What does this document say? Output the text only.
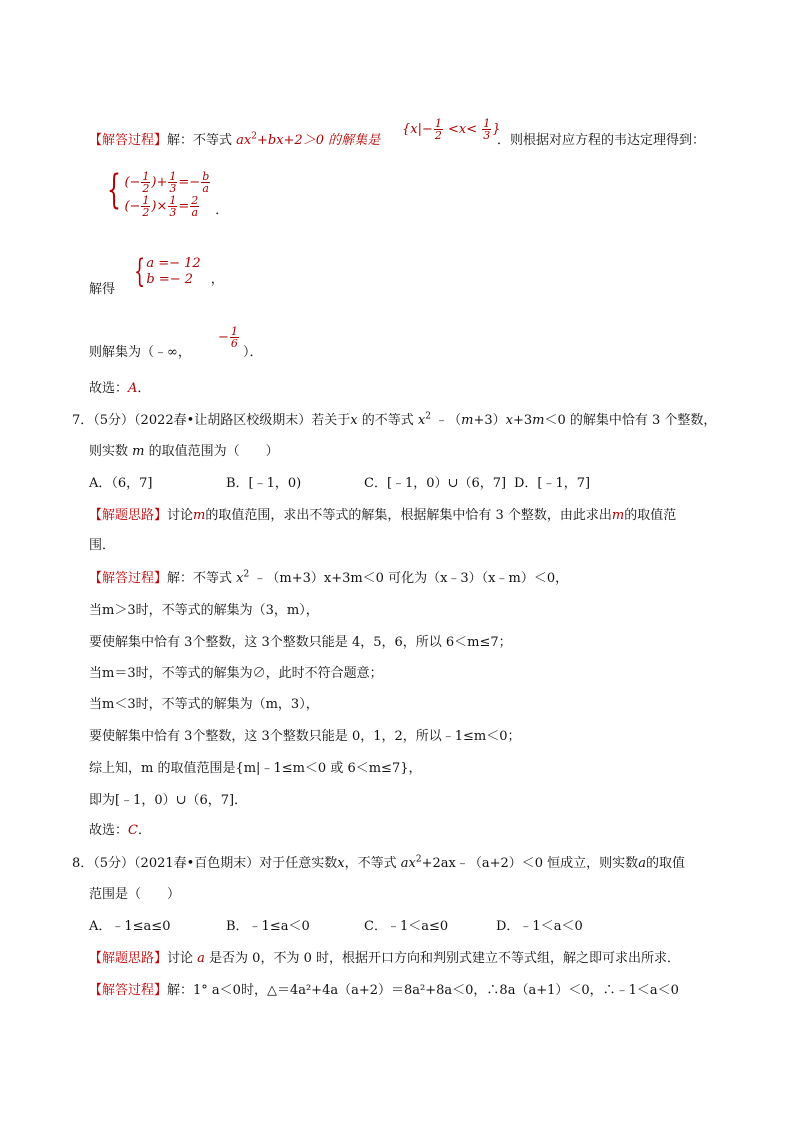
【解答过程】解：不等式 $ax^2+bx+2>0$ 的解集是
{$x|- \frac{1}{2} <x< \frac{1}{3}$ }
．则根据对应方程的韦达定理得到：
{ (− $\frac{1}{2}$ )+ $\frac{1}{3} =- \frac{b}{a}$
(− $\frac{1}{2}$ )× $\frac{1}{3} = \frac{2}{a}$ ．
解得 { a =− 12
b =− 2	，
则解集为（﹣∞，
− $\frac{1}{6}$
）．
故选：A．
7．（5分）（2022春•让胡路区校级期末）若关于x 的不等式 $x^2$ ﹣（m+3）x+3m＜0 的解集中恰有 3 个整数，
则实数 m 的取值范围为（　　）
A．（6，7]	B．[﹣1，0)	C．[﹣1，0）∪（6，7] D．[﹣1，7]
【解题思路】讨论m的取值范围，求出不等式的解集，根据解集中恰有 3 个整数，由此求出m的取值范
围．
【解答过程】解：不等式 $x^2$ ﹣（m+3）x+3m＜0 可化为（x﹣3）（x﹣m）＜0，
当m＞3时，不等式的解集为（3，m），
要使解集中恰有 3个整数，这 3个整数只能是 4，5，6，所以 6＜m≤7；
当m＝3时，不等式的解集为∅，此时不符合题意；
当m＜3时，不等式的解集为（m，3），
要使解集中恰有 3个整数，这 3个整数只能是 0，1，2，所以﹣1≤m＜0；
综上知，m 的取值范围是{m|﹣1≤m＜0 或 6＜m≤7}，
即为[﹣1，0）∪（6，7]．
故选：C．
8．（5分）（2021春•百色期末）对于任意实数x，不等式 $ax^2+2ax﹣(a+2)<0$ 恒成立，则实数a的取值
范围是（　　）
A．﹣1≤a≤0	B．﹣1≤a＜0	C．﹣1＜a≤0	D．﹣1＜a＜0
【解题思路】讨论 a 是否为 0，不为 0 时，根据开口方向和判别式建立不等式组，解之即可求出所求．
【解答过程】解：1° a＜0时，△＝4a²+4a（a+2）＝8a²+8a＜0，∴8a（a+1）＜0，∴﹣1＜a＜0
